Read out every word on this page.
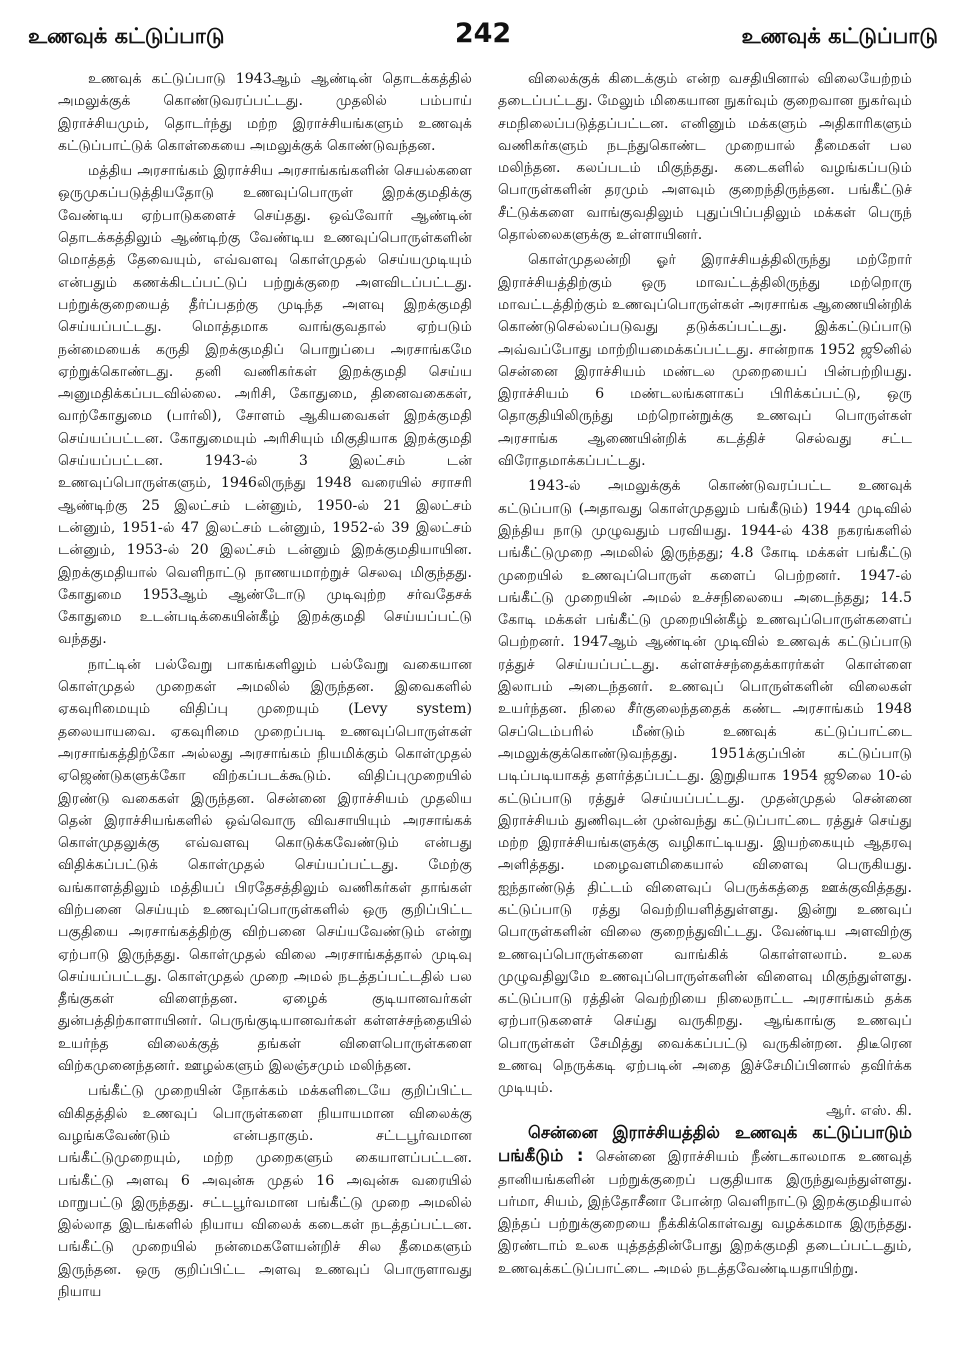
உணவுக் கட்டுப்பாடு	242	உணவுக் கட்டுப்பாடு

உணவுக் கட்டுப்பாடு 1943ஆம் ஆண்டின் தொடக்கத்தில் அமலுக்குக் கொண்டுவரப்பட்டது. முதலில் பம்பாய் இராச்சியமும், தொடர்ந்து மற்ற இராச்சியங்களும் உணவுக் கட்டுப்பாட்டுக் கொள்கையை அமலுக்குக் கொண்டுவந்தன.

மத்திய அரசாங்கம் இராச்சிய அரசாங்கங்களின் செயல்களை ஒருமுகப்படுத்தியதோடு உணவுப்பொருள் இறக்குமதிக்கு வேண்டிய ஏற்பாடுகளைச் செய்தது. ஒவ்வோர் ஆண்டின் தொடக்கத்திலும் ஆண்டிற்கு வேண்டிய உணவுப்பொருள்களின் மொத்தத் தேவையும், எவ்வளவு கொள்முதல் செய்யமுடியும் என்பதும் கணக்கிடப்பட்டுப் பற்றுக்குறை அளவிடப்பட்டது. பற்றுக்குறையைத் தீர்ப்பதற்கு முடிந்த அளவு இறக்குமதி செய்யப்பட்டது. மொத்தமாக வாங்குவதால் ஏற்படும் நன்மையைக் கருதி இறக்குமதிப் பொறுப்பை அரசாங்கமே ஏற்றுக்கொண்டது. தனி வணிகர்கள் இறக்குமதி செய்ய அனுமதிக்கப்படவில்லை. அரிசி, கோதுமை, தினைவகைகள், வாற்கோதுமை (பார்லி), சோளம் ஆகியவைகள் இறக்குமதி செய்யப்பட்டன. கோதுமையும் அரிசியும் மிகுதியாக இறக்குமதி செய்யப்பட்டன. 1943-ல் 3 இலட்சம் டன் உணவுப்பொருள்களும், 1946லிருந்து 1948 வரையில் சராசரி ஆண்டிற்கு 25 இலட்சம் டன்னும், 1950-ல் 21 இலட்சம் டன்னும், 1951-ல் 47 இலட்சம் டன்னும், 1952-ல் 39 இலட்சம் டன்னும், 1953-ல் 20 இலட்சம் டன்னும் இறக்குமதியாயின. இறக்குமதியால் வெளிநாட்டு நாணயமாற்றுச் செலவு மிகுந்தது. கோதுமை 1953ஆம் ஆண்டோடு முடிவுற்ற சர்வதேசக் கோதுமை உடன்படிக்கையின்கீழ் இறக்குமதி செய்யப்பட்டு வந்தது.

நாட்டின் பல்வேறு பாகங்களிலும் பல்வேறு வகையான கொள்முதல் முறைகள் அமலில் இருந்தன. இவைகளில் ஏகவுரிமையும் விதிப்பு முறையும் (Levy system) தலையாயவை. ஏகவுரிமை முறைப்படி உணவுப்பொருள்கள் அரசாங்கத்திற்கோ அல்லது அரசாங்கம் நியமிக்கும் கொள்முதல் ஏஜெண்டுகளுக்கோ விற்கப்படக்கூடும். விதிப்புமுறையில் இரண்டு வகைகள் இருந்தன. சென்னை இராச்சியம் முதலிய தென் இராச்சியங்களில் ஒவ்வொரு விவசாயியும் அரசாங்கக் கொள்முதலுக்கு எவ்வளவு கொடுக்கவேண்டும் என்பது விதிக்கப்பட்டுக் கொள்முதல் செய்யப்பட்டது. மேற்கு வங்காளத்திலும் மத்தியப் பிரதேசத்திலும் வணிகர்கள் தாங்கள் விற்பனை செய்யும் உணவுப்பொருள்களில் ஒரு குறிப்பிட்ட பகுதியை அரசாங்கத்திற்கு விற்பனை செய்யவேண்டும் என்று ஏற்பாடு இருந்தது. கொள்முதல் விலை அரசாங்கத்தால் முடிவு செய்யப்பட்டது. கொள்முதல் முறை அமல் நடத்தப்பட்டதில் பல தீங்குகள் விளைந்தன. ஏழைக் குடியானவர்கள் துன்பத்திற்காளாயினர். பெருங்குடியானவர்கள் கள்ளச்சந்தையில் உயர்ந்த விலைக்குத் தங்கள் விளைபொருள்களை விற்கமுனைந்தனர். ஊழல்களும் இலஞ்சமும் மலிந்தன.

பங்கீட்டு முறையின் நோக்கம் மக்களிடையே குறிப்பிட்ட விகிதத்தில் உணவுப் பொருள்களை நியாயமான விலைக்கு வழங்கவேண்டும் என்பதாகும். சட்டபூர்வமான பங்கீட்டுமுறையும், மற்ற முறைகளும் கையாளப்பட்டன. பங்கீட்டு அளவு 6 அவுன்சு முதல் 16 அவுன்சு வரையில் மாறுபட்டு இருந்தது. சட்டபூர்வமான பங்கீட்டு முறை அமலில் இல்லாத இடங்களில் நியாய விலைக் கடைகள் நடத்தப்பட்டன. பங்கீட்டு முறையில் நன்மைகளேயன்றிச் சில தீமைகளும் இருந்தன. ஒரு குறிப்பிட்ட அளவு உணவுப் பொருளாவது நியாய

விலைக்குக் கிடைக்கும் என்ற வசதியினால் விலையேற்றம் தடைப்பட்டது. மேலும் மிகையான நுகர்வும் குறைவான நுகர்வும் சமநிலைப்படுத்தப்பட்டன. எனினும் மக்களும் அதிகாரிகளும் வணிகர்களும் நடந்துகொண்ட முறையால் தீமைகள் பல மலிந்தன. கலப்படம் மிகுந்தது. கடைகளில் வழங்கப்படும் பொருள்களின் தரமும் அளவும் குறைந்திருந்தன. பங்கீட்டுச் சீட்டுக்களை வாங்குவதிலும் புதுப்பிப்பதிலும் மக்கள் பெருந் தொல்லைகளுக்கு உள்ளாயினர்.

கொள்முதலன்றி ஓர் இராச்சியத்திலிருந்து மற்றோர் இராச்சியத்திற்கும் ஒரு மாவட்டத்திலிருந்து மற்றொரு மாவட்டத்திற்கும் உணவுப்பொருள்கள் அரசாங்க ஆணையின்றிக் கொண்டுசெல்லப்படுவது தடுக்கப்பட்டது. இக்கட்டுப்பாடு அவ்வப்போது மாற்றியமைக்கப்பட்டது. சான்றாக 1952 ஜூனில் சென்னை இராச்சியம் மண்டல முறையைப் பின்பற்றியது. இராச்சியம் 6 மண்டலங்களாகப் பிரிக்கப்பட்டு, ஒரு தொகுதியிலிருந்து மற்றொன்றுக்கு உணவுப் பொருள்கள் அரசாங்க ஆணையின்றிக் கடத்திச் செல்வது சட்ட விரோதமாக்கப்பட்டது.

1943-ல் அமலுக்குக் கொண்டுவரப்பட்ட உணவுக் கட்டுப்பாடு (அதாவது கொள்முதலும் பங்கீடும்) 1944 முடிவில் இந்திய நாடு முழுவதும் பரவியது. 1944-ல் 438 நகரங்களில் பங்கீட்டுமுறை அமலில் இருந்தது; 4.8 கோடி மக்கள் பங்கீட்டு முறையில் உணவுப்பொருள் களைப் பெற்றனர். 1947-ல் பங்கீட்டு முறையின் அமல் உச்சநிலையை அடைந்தது; 14.5 கோடி மக்கள் பங்கீட்டு முறையின்கீழ் உணவுப்பொருள்களைப் பெற்றனர். 1947ஆம் ஆண்டின் முடிவில் உணவுக் கட்டுப்பாடு ரத்துச் செய்யப்பட்டது. கள்ளச்சந்தைக்காரர்கள் கொள்ளை இலாபம் அடைந்தனர். உணவுப் பொருள்களின் விலைகள் உயர்ந்தன. நிலை சீர்குலைந்ததைக் கண்ட அரசாங்கம் 1948 செப்டெம்பரில் மீண்டும் உணவுக் கட்டுப்பாட்டை அமலுக்குக்கொண்டுவந்தது. 1951க்குப்பின் கட்டுப்பாடு படிப்படியாகத் தளர்த்தப்பட்டது. இறுதியாக 1954 ஜூலை 10-ல் கட்டுப்பாடு ரத்துச் செய்யப்பட்டது. முதன்முதல் சென்னை இராச்சியம் துணிவுடன் முன்வந்து கட்டுப்பாட்டை ரத்துச் செய்து மற்ற இராச்சியங்களுக்கு வழிகாட்டியது. இயற்கையும் ஆதரவு அளித்தது. மழைவளமிகையால் விளைவு பெருகியது. ஐந்தாண்டுத் திட்டம் விளைவுப் பெருக்கத்தை ஊக்குவித்தது. கட்டுப்பாடு ரத்து வெற்றியளித்துள்ளது. இன்று உணவுப் பொருள்களின் விலை குறைந்துவிட்டது. வேண்டிய அளவிற்கு உணவுப்பொருள்களை வாங்கிக் கொள்ளலாம். உலக முழுவதிலுமே உணவுப்பொருள்களின் விளைவு மிகுந்துள்ளது. கட்டுப்பாடு ரத்தின் வெற்றியை நிலைநாட்ட அரசாங்கம் தக்க ஏற்பாடுகளைச் செய்து வருகிறது. ஆங்காங்கு உணவுப் பொருள்கள் சேமித்து வைக்கப்பட்டு வருகின்றன. திடீரென உணவு நெருக்கடி ஏற்படின் அதை இச்சேமிப்பினால் தவிர்க்க முடியும்.

ஆர். எஸ். கி.

சென்னை இராச்சியத்தில் உணவுக் கட்டுப்பாடும் பங்கீடும் : சென்னை இராச்சியம் நீண்டகாலமாக உணவுத் தானியங்களின் பற்றுக்குறைப் பகுதியாக இருந்துவந்துள்ளது. பர்மா, சியம், இந்தோசீனா போன்ற வெளிநாட்டு இறக்குமதியால் இந்தப் பற்றுக்குறையை நீக்கிக்கொள்வது வழக்கமாக இருந்தது. இரண்டாம் உலக யுத்தத்தின்போது இறக்குமதி தடைப்பட்டதும், உணவுக்கட்டுப்பாட்டை அமல் நடத்தவேண்டியதாயிற்று.
